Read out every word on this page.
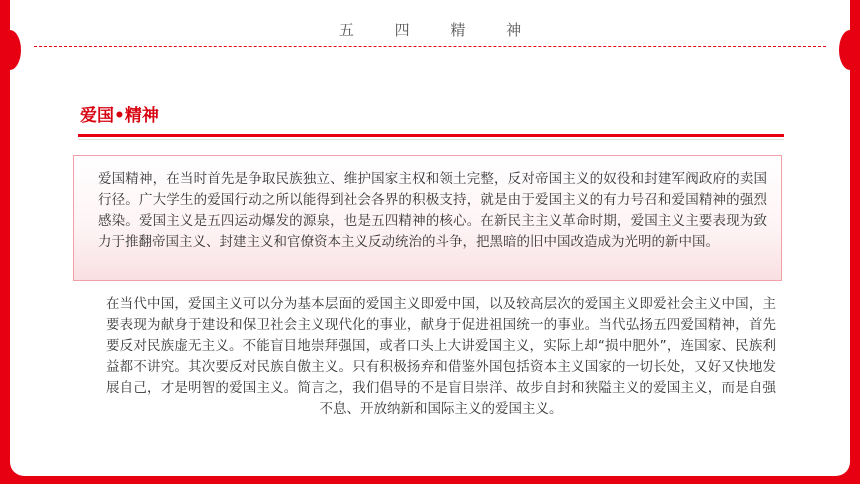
五 四 精 神
爱国•精神

爱国精神，在当时首先是争取民族独立、维护国家主权和领土完整，反对帝国主义的奴役和封建军阀政府的卖国行径。广大学生的爱国行动之所以能得到社会各界的积极支持，就是由于爱国主义的有力号召和爱国精神的强烈感染。爱国主义是五四运动爆发的源泉，也是五四精神的核心。在新民主主义革命时期，爱国主义主要表现为致力于推翻帝国主义、封建主义和官僚资本主义反动统治的斗争，把黑暗的旧中国改造成为光明的新中国。

在当代中国，爱国主义可以分为基本层面的爱国主义即爱中国，以及较高层次的爱国主义即爱社会主义中国，主要表现为献身于建设和保卫社会主义现代化的事业，献身于促进祖国统一的事业。当代弘扬五四爱国精神，首先要反对民族虚无主义。不能盲目地崇拜强国，或者口头上大讲爱国主义，实际上却“损中肥外”，连国家、民族利益都不讲究。其次要反对民族自傲主义。只有积极扬弃和借鉴外国包括资本主义国家的一切长处，又好又快地发展自己，才是明智的爱国主义。简言之，我们倡导的不是盲目崇洋、故步自封和狭隘主义的爱国主义，而是自强不息、开放纳新和国际主义的爱国主义。
